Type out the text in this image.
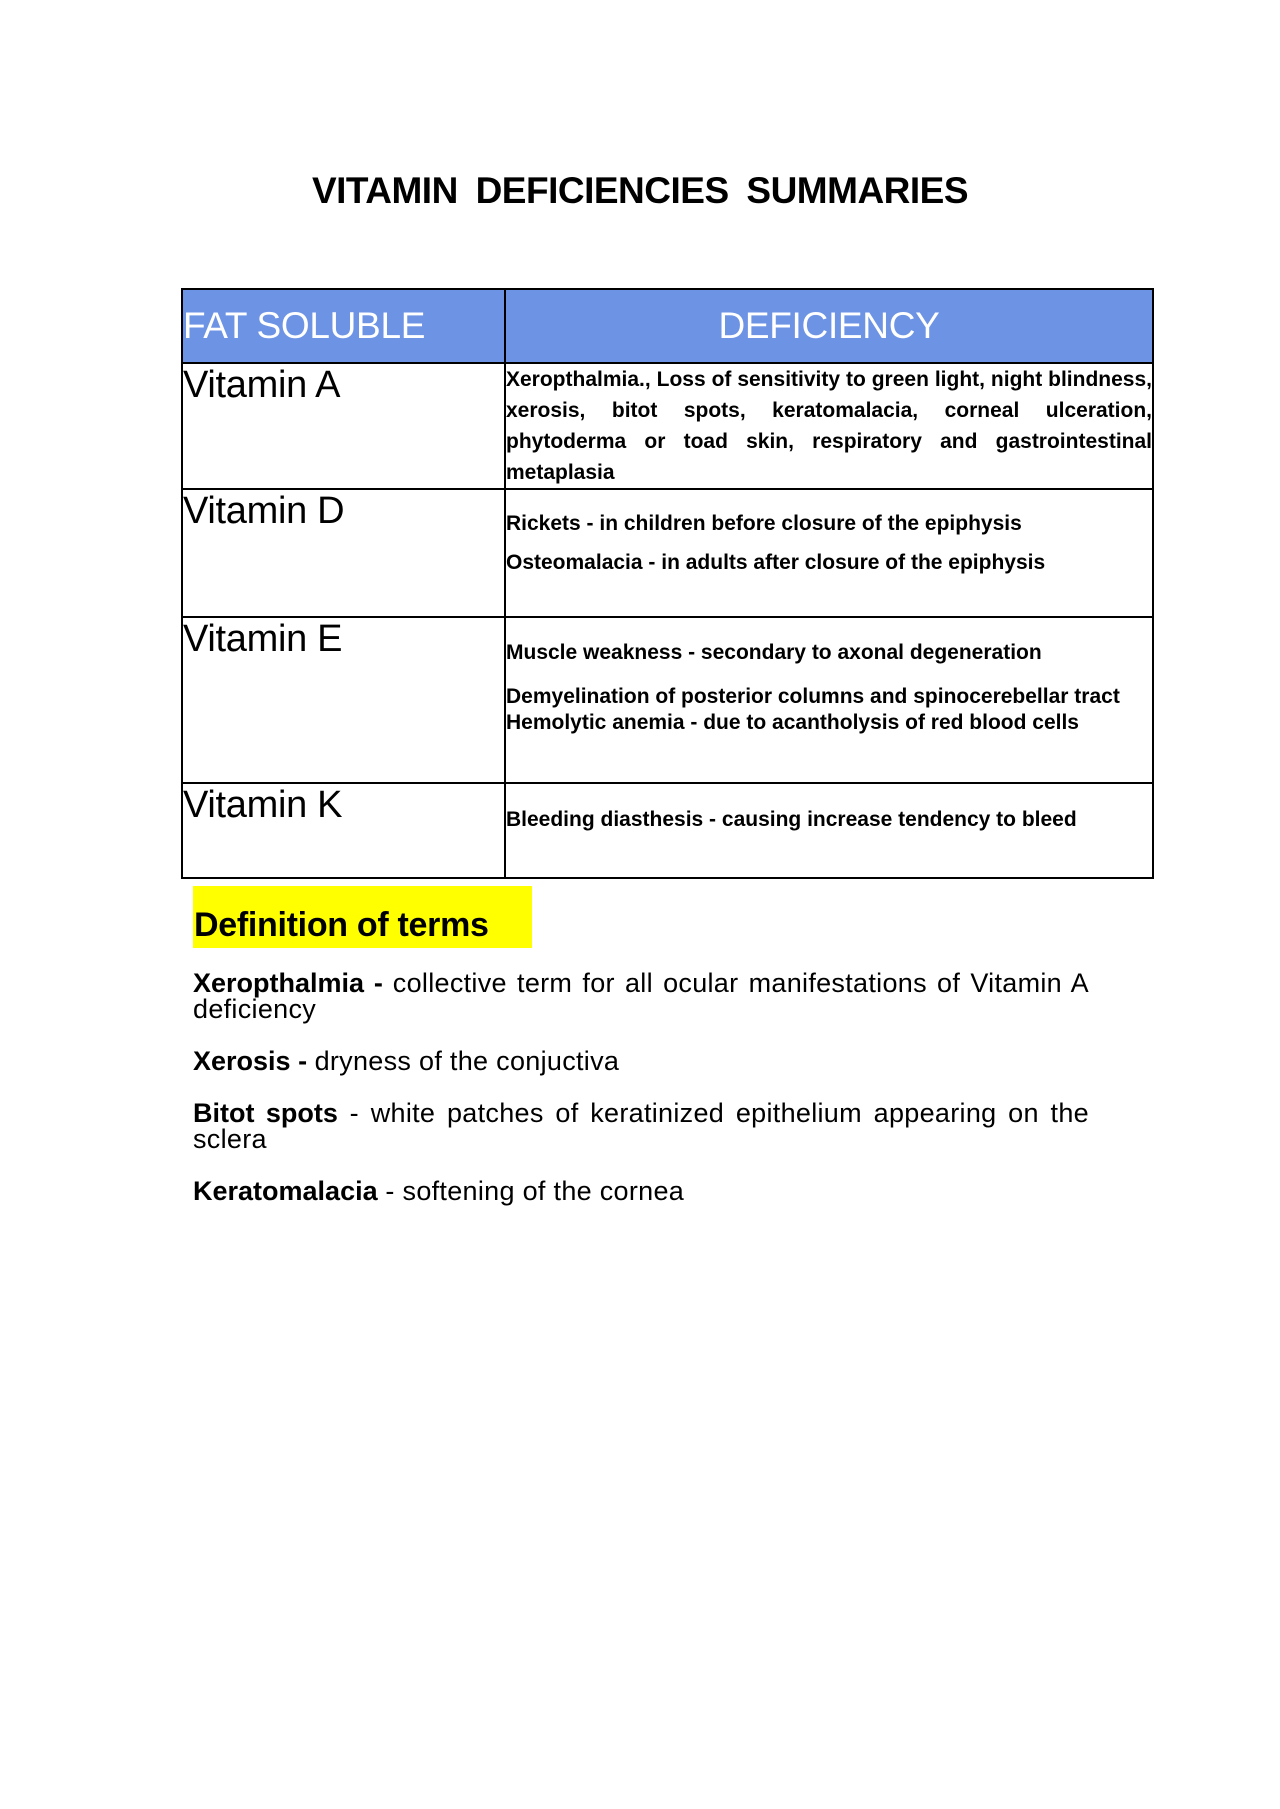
VITAMIN DEFICIENCIES SUMMARIES
FAT SOLUBLE	DEFICIENCY
Vitamin A	Xeropthalmia., Loss of sensitivity to green light, night blindness, xerosis, bitot spots, keratomalacia, corneal ulceration, phytoderma or toad skin, respiratory and gastrointestinal metaplasia

Vitamin D	Rickets - in children before closure of the epiphysis

Osteomalacia - in adults after closure of the epiphysis

Vitamin E	Muscle weakness - secondary to axonal degeneration

Demyelination of posterior columns and spinocerebellar tract

Hemolytic anemia - due to acantholysis of red blood cells

Vitamin K	Bleeding diasthesis - causing increase tendency to bleed

Definition of terms

Xeropthalmia - collective term for all ocular manifestations of Vitamin A deficiency

Xerosis - dryness of the conjuctiva

Bitot spots - white patches of keratinized epithelium appearing on the sclera

Keratomalacia - softening of the cornea
